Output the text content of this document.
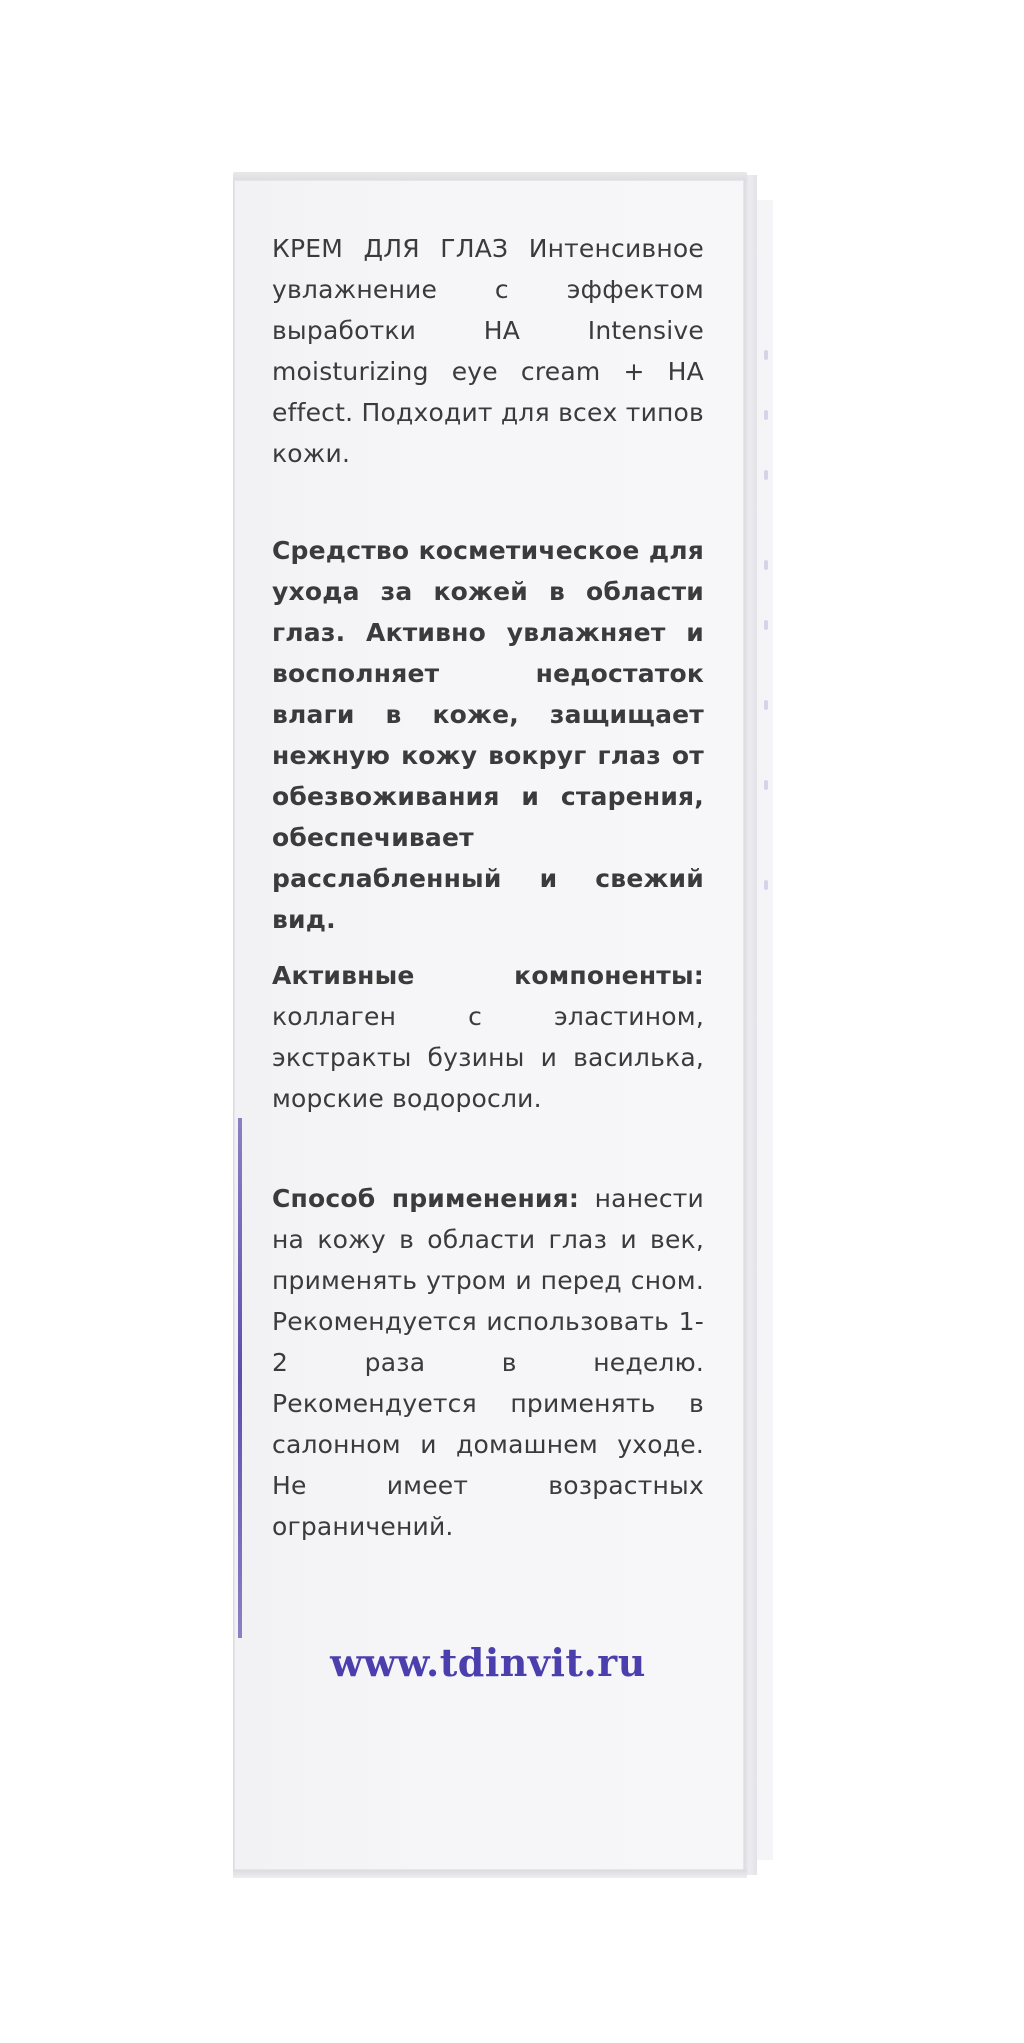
КРЕМ ДЛЯ ГЛАЗ Интенсивное увлажнение с эффектом выработки НА Intensive moisturizing eye cream + HA effect. Подходит для всех типов кожи.
Средство косметическое для ухода за кожей в области глаз. Активно увлажняет и восполняет недостаток влаги в коже, защищает нежную кожу вокруг глаз от обезвоживания и старения, обеспечивает расслабленный и свежий вид.
Активные компоненты: коллаген с эластином, экстракты бузины и василька, морские водоросли.
Способ применения: нанести на кожу в области глаз и век, применять утром и перед сном. Рекомендуется использовать 1-2 раза в неделю. Рекомендуется применять в салонном и домашнем уходе. Не имеет возрастных ограничений.
www.tdinvit.ru
